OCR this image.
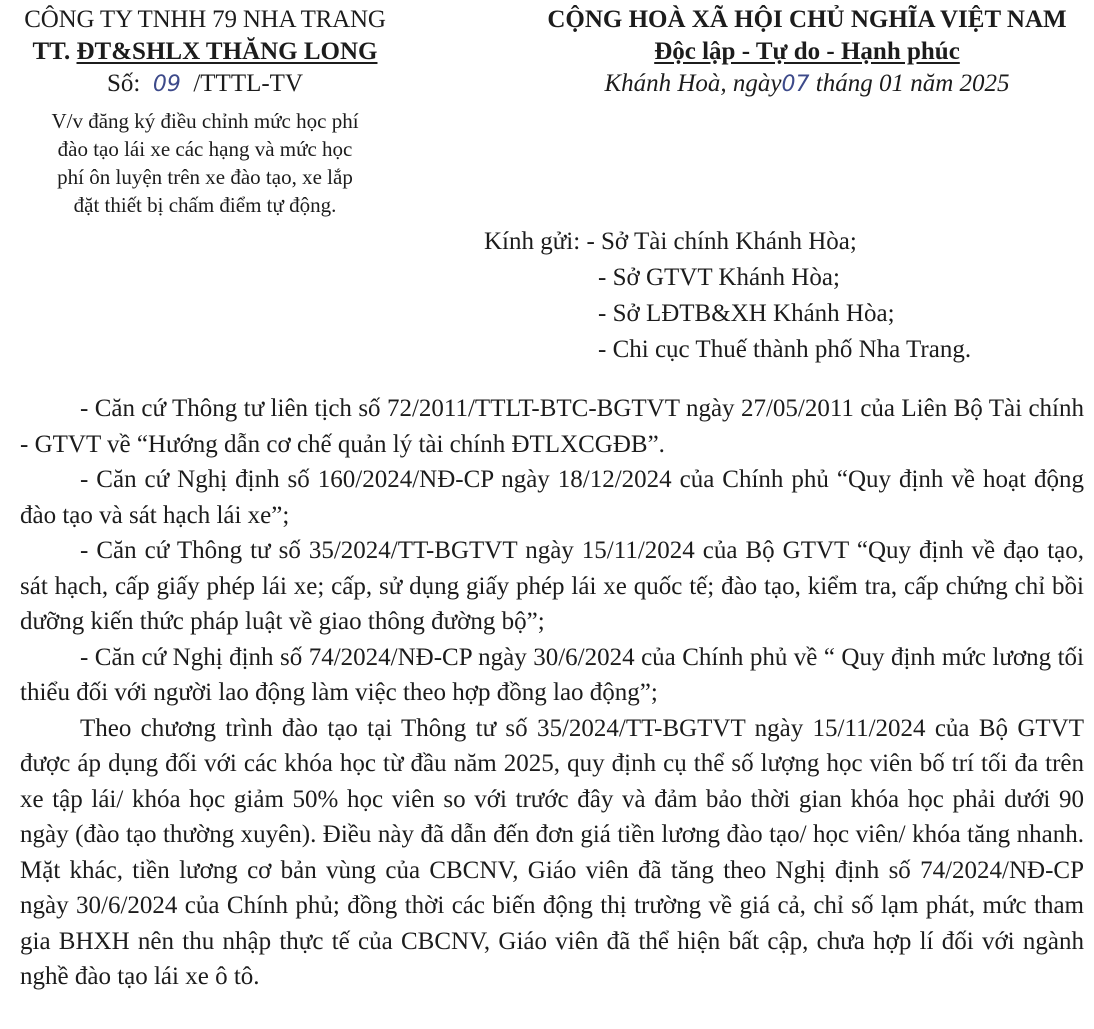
CÔNG TY TNHH 79 NHA TRANG
TT. ĐT&SHLX THĂNG LONG
Số: 09 /TTTL-TV
V/v đăng ký điều chỉnh mức học phí
đào tạo lái xe các hạng và mức học
phí ôn luyện trên xe đào tạo, xe lắp
đặt thiết bị chấm điểm tự động.
CỘNG HOÀ XÃ HỘI CHỦ NGHĨA VIỆT NAM
Độc lập - Tự do - Hạnh phúc
Khánh Hoà, ngày07 tháng 01 năm 2025
Kính gửi: - Sở Tài chính Khánh Hòa;
- Sở GTVT Khánh Hòa;
- Sở LĐTB&XH Khánh Hòa;
- Chi cục Thuế thành phố Nha Trang.

- Căn cứ Thông tư liên tịch số 72/2011/TTLT-BTC-BGTVT ngày 27/05/2011 của Liên Bộ Tài chính - GTVT về “Hướng dẫn cơ chế quản lý tài chính ĐTLXCGĐB”.

- Căn cứ Nghị định số 160/2024/NĐ-CP ngày 18/12/2024 của Chính phủ “Quy định về hoạt động đào tạo và sát hạch lái xe”;

- Căn cứ Thông tư số 35/2024/TT-BGTVT ngày 15/11/2024 của Bộ GTVT “Quy định về đạo tạo, sát hạch, cấp giấy phép lái xe; cấp, sử dụng giấy phép lái xe quốc tế; đào tạo, kiểm tra, cấp chứng chỉ bồi dưỡng kiến thức pháp luật về giao thông đường bộ”;

- Căn cứ Nghị định số 74/2024/NĐ-CP ngày 30/6/2024 của Chính phủ về “ Quy định mức lương tối thiểu đối với người lao động làm việc theo hợp đồng lao động”;

Theo chương trình đào tạo tại Thông tư số 35/2024/TT-BGTVT ngày 15/11/2024 của Bộ GTVT được áp dụng đối với các khóa học từ đầu năm 2025, quy định cụ thể số lượng học viên bố trí tối đa trên xe tập lái/ khóa học giảm 50% học viên so với trước đây và đảm bảo thời gian khóa học phải dưới 90 ngày (đào tạo thường xuyên). Điều này đã dẫn đến đơn giá tiền lương đào tạo/ học viên/ khóa tăng nhanh. Mặt khác, tiền lương cơ bản vùng của CBCNV, Giáo viên đã tăng theo Nghị định số 74/2024/NĐ-CP ngày 30/6/2024 của Chính phủ; đồng thời các biến động thị trường về giá cả, chỉ số lạm phát, mức tham gia BHXH nên thu nhập thực tế của CBCNV, Giáo viên đã thể hiện bất cập, chưa hợp lí đối với ngành nghề đào tạo lái xe ô tô.
